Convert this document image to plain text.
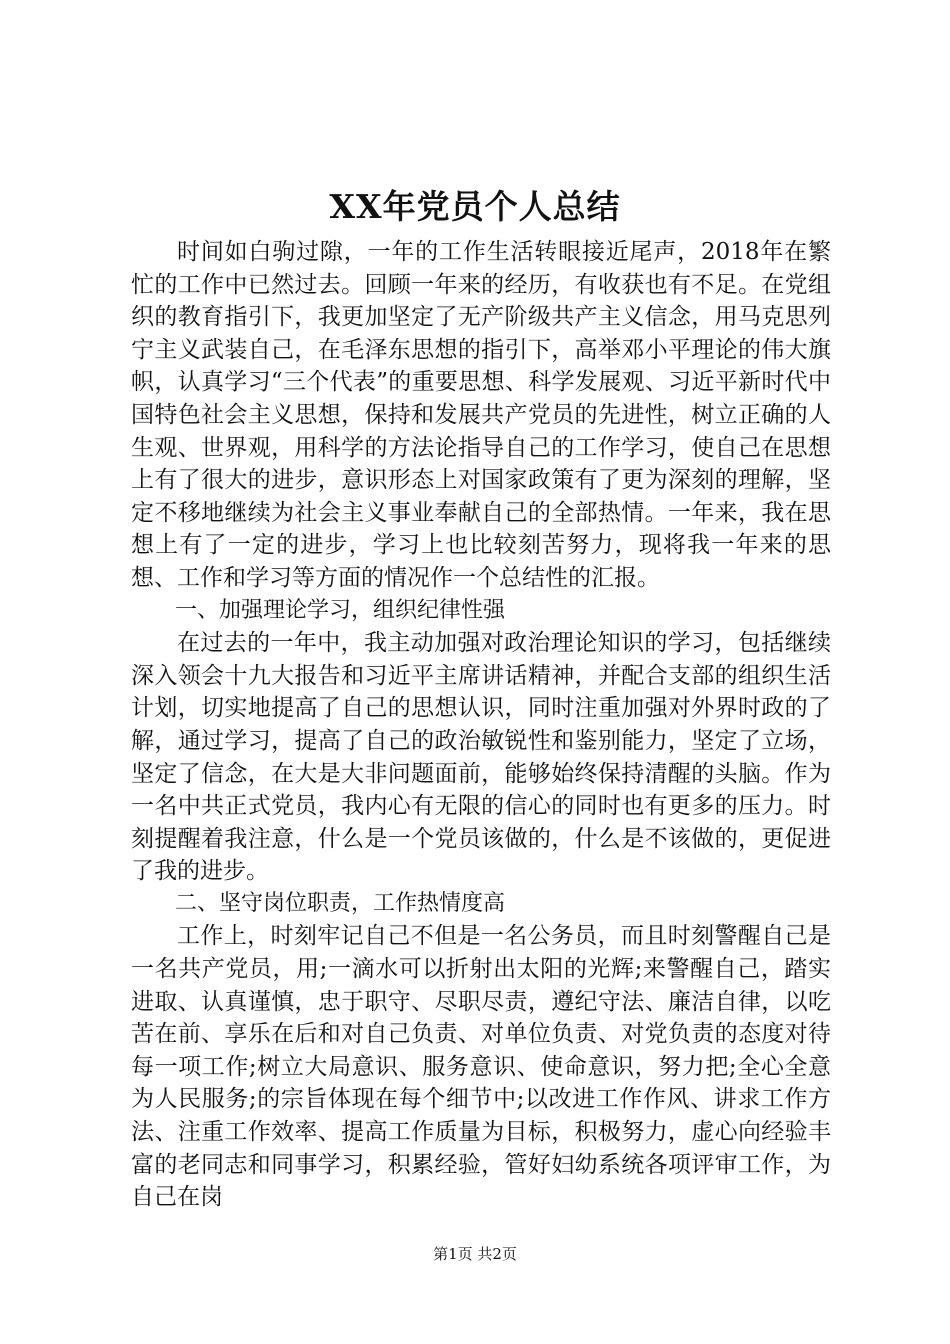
XX年党员个人总结

时间如白驹过隙，一年的工作生活转眼接近尾声，2018年在繁忙的工作中已然过去。回顾一年来的经历，有收获也有不足。在党组织的教育指引下，我更加坚定了无产阶级共产主义信念，用马克思列宁主义武装自己，在毛泽东思想的指引下，高举邓小平理论的伟大旗帜，认真学习“三个代表”的重要思想、科学发展观、习近平新时代中国特色社会主义思想，保持和发展共产党员的先进性，树立正确的人生观、世界观，用科学的方法论指导自己的工作学习，使自己在思想上有了很大的进步，意识形态上对国家政策有了更为深刻的理解，坚定不移地继续为社会主义事业奉献自己的全部热情。一年来，我在思想上有了一定的进步，学习上也比较刻苦努力，现将我一年来的思想、工作和学习等方面的情况作一个总结性的汇报。

一、加强理论学习，组织纪律性强

在过去的一年中，我主动加强对政治理论知识的学习，包括继续深入领会十九大报告和习近平主席讲话精神，并配合支部的组织生活计划，切实地提高了自己的思想认识，同时注重加强对外界时政的了解，通过学习，提高了自己的政治敏锐性和鉴别能力，坚定了立场，坚定了信念，在大是大非问题面前，能够始终保持清醒的头脑。作为一名中共正式党员，我内心有无限的信心的同时也有更多的压力。时刻提醒着我注意，什么是一个党员该做的，什么是不该做的，更促进了我的进步。

二、坚守岗位职责，工作热情度高

工作上，时刻牢记自己不但是一名公务员，而且时刻警醒自己是一名共产党员，用;一滴水可以折射出太阳的光辉;来警醒自己，踏实进取、认真谨慎，忠于职守、尽职尽责，遵纪守法、廉洁自律，以吃苦在前、享乐在后和对自己负责、对单位负责、对党负责的态度对待每一项工作;树立大局意识、服务意识、使命意识，努力把;全心全意为人民服务;的宗旨体现在每个细节中;以改进工作作风、讲求工作方法、注重工作效率、提高工作质量为目标，积极努力，虚心向经验丰富的老同志和同事学习，积累经验，管好妇幼系统各项评审工作，为自己在岗

第1页 共2页
